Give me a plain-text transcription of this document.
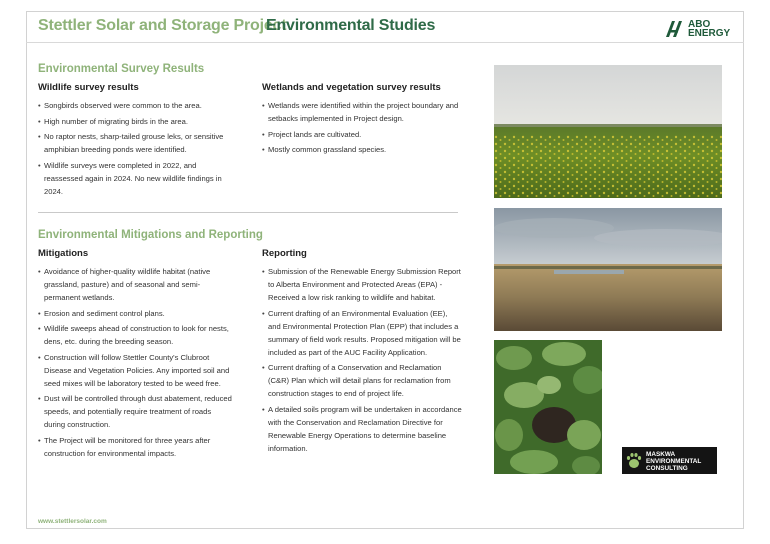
Stettler Solar and Storage Project
Environmental Studies	ABO
ENERGY
Environmental Survey Results
Wildlife survey results
• Songbirds observed were common to the area.
• High number of migrating birds in the area.
• No raptor nests, sharp-tailed grouse leks, or sensitive amphibian breeding ponds were identified.
• Wildlife surveys were completed in 2022, and reassessed again in 2024. No new wildlife findings in 2024.
Wetlands and vegetation survey results
• Wetlands were identified within the project boundary and setbacks implemented in Project design.
• Project lands are cultivated.
• Mostly common grassland species.
Environmental Mitigations and Reporting
Mitigations
• Avoidance of higher-quality wildlife habitat (native grassland, pasture) and of seasonal and semi-permanent wetlands.
• Erosion and sediment control plans.
• Wildlife sweeps ahead of construction to look for nests, dens, etc. during the breeding season.
• Construction will follow Stettler County's Clubroot Disease and Vegetation Policies. Any imported soil and seed mixes will be laboratory tested to be weed free.
• Dust will be controlled through dust abatement, reduced speeds, and potentially require treatment of roads during construction.
• The Project will be monitored for three years after construction for environmental impacts.
Reporting
• Submission of the Renewable Energy Submission Report to Alberta Environment and Protected Areas (EPA) - Received a low risk ranking to wildlife and habitat.
• Current drafting of an Environmental Evaluation (EE), and Environmental Protection Plan (EPP) that includes a summary of field work results. Proposed mitigation will be included as part of the AUC Facility Application.
• Current drafting of a Conservation and Reclamation (C&R) Plan which will detail plans for reclamation from construction stages to end of project life.
• A detailed soils program will be undertaken in accordance with the Conservation and Reclamation Directive for Renewable Energy Operations to determine baseline information.
MASKWA
ENVIRONMENTAL
CONSULTING
www.stettlersolar.com
